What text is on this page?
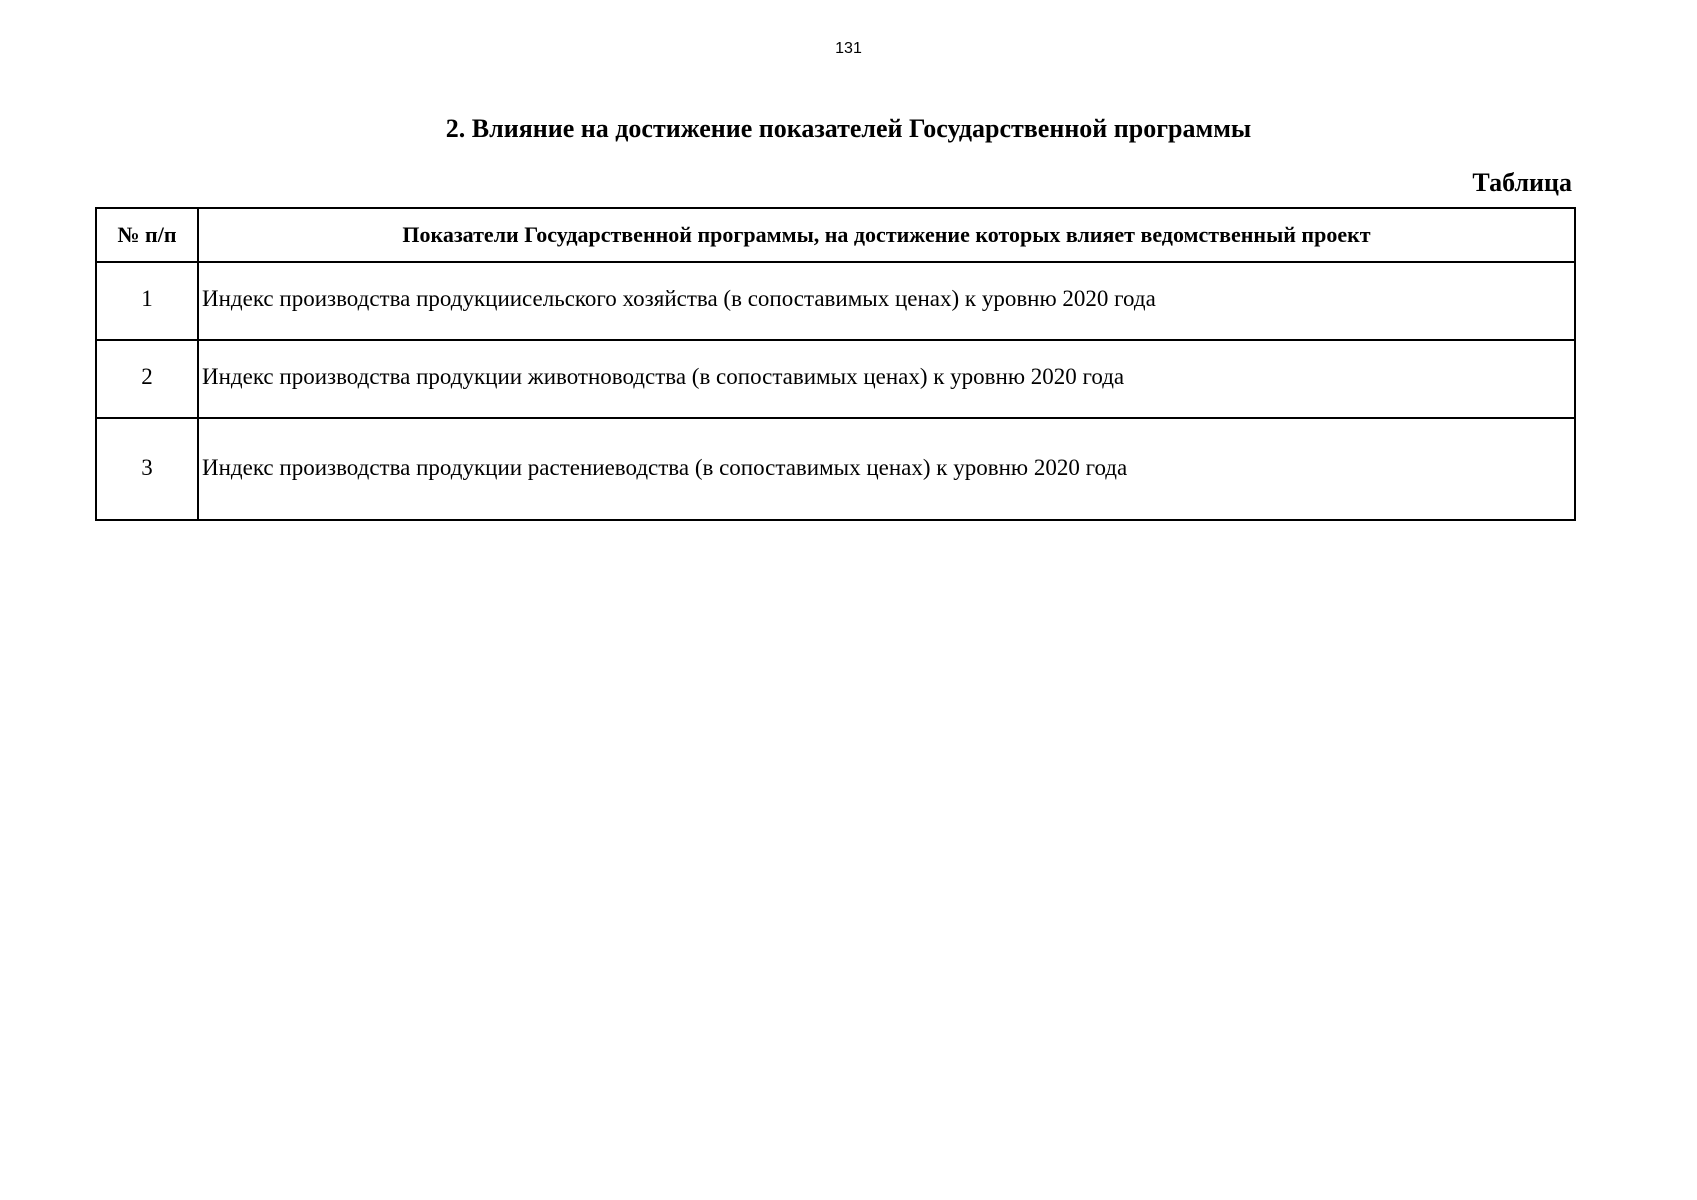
131
2. Влияние на достижение показателей Государственной программы
Таблица
№ п/п	Показатели Государственной программы, на достижение которых влияет ведомственный проект
1	Индекс производства продукциисельского хозяйства (в сопоставимых ценах) к уровню 2020 года
2	Индекс производства продукции животноводства (в сопоставимых ценах) к уровню 2020 года
3	Индекс производства продукции растениеводства (в сопоставимых ценах) к уровню 2020 года
